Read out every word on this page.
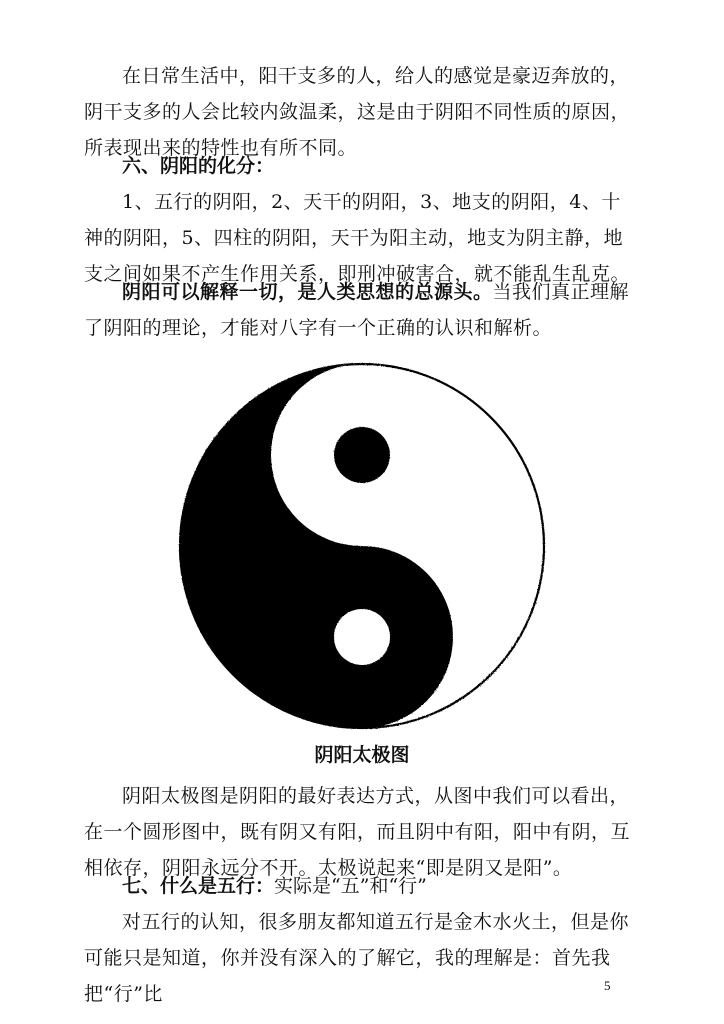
在日常生活中，阳干支多的人，给人的感觉是豪迈奔放的，阴干支多的人会比较内敛温柔，这是由于阴阳不同性质的原因，所表现出来的特性也有所不同。

六、阴阳的化分：

1、五行的阴阳，2、天干的阴阳，3、地支的阴阳，4、十神的阴阳，5、四柱的阴阳，天干为阳主动，地支为阴主静，地支之间如果不产生作用关系，即刑冲破害合，就不能乱生乱克。

阴阳可以解释一切，是人类思想的总源头。当我们真正理解了阴阳的理论，才能对八字有一个正确的认识和解析。

阴阳太极图

阴阳太极图是阴阳的最好表达方式，从图中我们可以看出，在一个圆形图中，既有阴又有阳，而且阴中有阳，阳中有阴，互相依存，阴阳永远分不开。太极说起来“即是阴又是阳”。

七、什么是五行：实际是“五”和“行”

对五行的认知，很多朋友都知道五行是金木水火土，但是你可能只是知道，你并没有深入的了解它，我的理解是：首先我把“行”比	5
